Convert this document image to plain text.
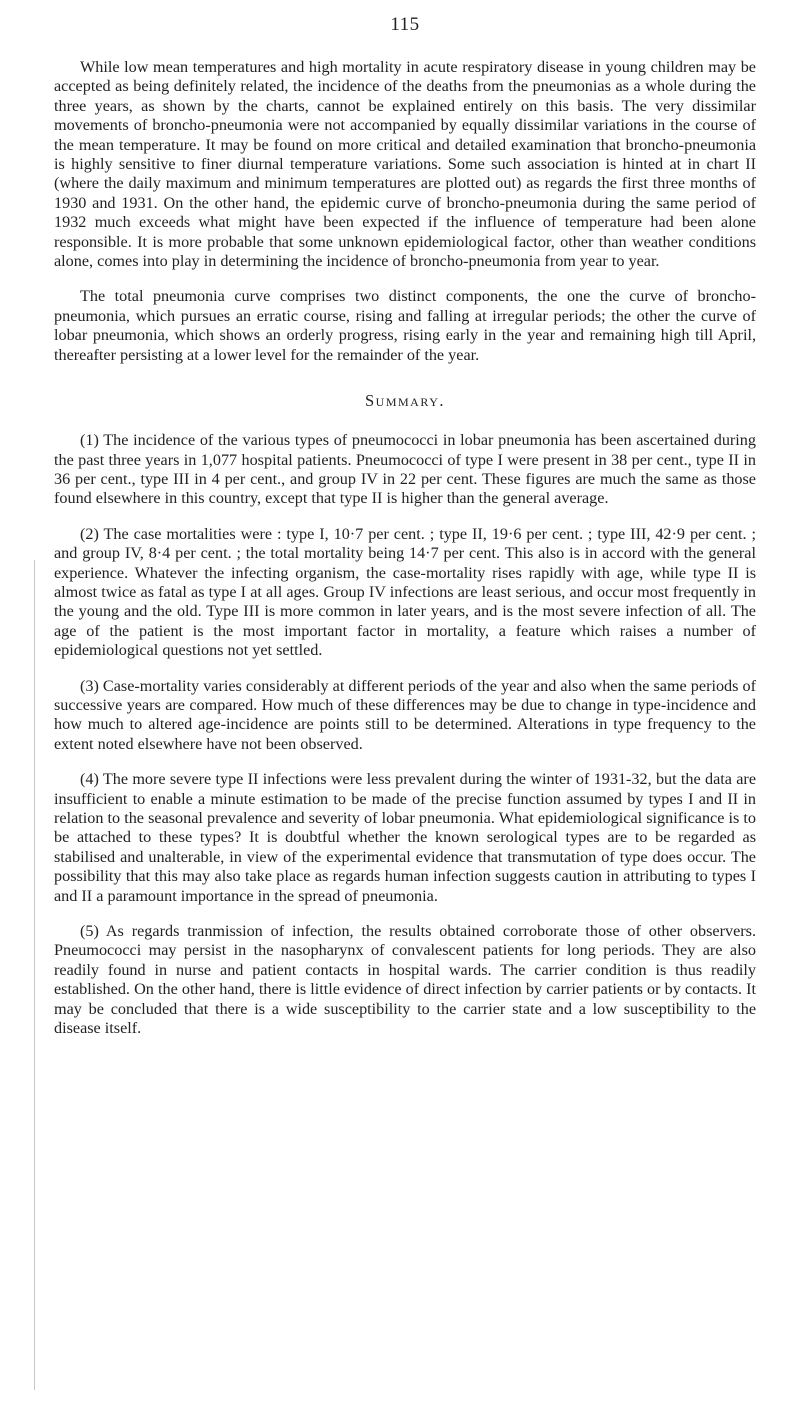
115

While low mean temperatures and high mortality in acute respiratory disease in young children may be accepted as being definitely related, the incidence of the deaths from the pneumonias as a whole during the three years, as shown by the charts, cannot be explained entirely on this basis. The very dissimilar movements of broncho-pneumonia were not accompanied by equally dissimilar variations in the course of the mean temperature. It may be found on more critical and detailed examination that broncho-pneumonia is highly sensitive to finer diurnal temperature variations. Some such association is hinted at in chart II (where the daily maximum and minimum temperatures are plotted out) as regards the first three months of 1930 and 1931. On the other hand, the epidemic curve of broncho-pneumonia during the same period of 1932 much exceeds what might have been expected if the influence of temperature had been alone responsible. It is more probable that some unknown epidemiological factor, other than weather conditions alone, comes into play in determining the incidence of broncho-pneumonia from year to year.

The total pneumonia curve comprises two distinct components, the one the curve of broncho-pneumonia, which pursues an erratic course, rising and falling at irregular periods; the other the curve of lobar pneumonia, which shows an orderly progress, rising early in the year and remaining high till April, thereafter persisting at a lower level for the remainder of the year.

Summary.

(1) The incidence of the various types of pneumococci in lobar pneumonia has been ascertained during the past three years in 1,077 hospital patients. Pneumococci of type I were present in 38 per cent., type II in 36 per cent., type III in 4 per cent., and group IV in 22 per cent. These figures are much the same as those found elsewhere in this country, except that type II is higher than the general average.

(2) The case mortalities were : type I, 10·7 per cent. ; type II, 19·6 per cent. ; type III, 42·9 per cent. ; and group IV, 8·4 per cent. ; the total mortality being 14·7 per cent. This also is in accord with the general experience. Whatever the infecting organism, the case-mortality rises rapidly with age, while type II is almost twice as fatal as type I at all ages. Group IV infections are least serious, and occur most frequently in the young and the old. Type III is more common in later years, and is the most severe infection of all. The age of the patient is the most important factor in mortality, a feature which raises a number of epidemiological questions not yet settled.

(3) Case-mortality varies considerably at different periods of the year and also when the same periods of successive years are compared. How much of these differences may be due to change in type-incidence and how much to altered age-incidence are points still to be determined. Alterations in type frequency to the extent noted elsewhere have not been observed.

(4) The more severe type II infections were less prevalent during the winter of 1931-32, but the data are insufficient to enable a minute estimation to be made of the precise function assumed by types I and II in relation to the seasonal prevalence and severity of lobar pneumonia. What epidemiological significance is to be attached to these types? It is doubtful whether the known serological types are to be regarded as stabilised and unalterable, in view of the experimental evidence that transmutation of type does occur. The possibility that this may also take place as regards human infection suggests caution in attributing to types I and II a paramount importance in the spread of pneumonia.

(5) As regards tranmission of infection, the results obtained corroborate those of other observers. Pneumococci may persist in the nasopharynx of convalescent patients for long periods. They are also readily found in nurse and patient contacts in hospital wards. The carrier condition is thus readily established. On the other hand, there is little evidence of direct infection by carrier patients or by contacts. It may be concluded that there is a wide susceptibility to the carrier state and a low susceptibility to the disease itself.
